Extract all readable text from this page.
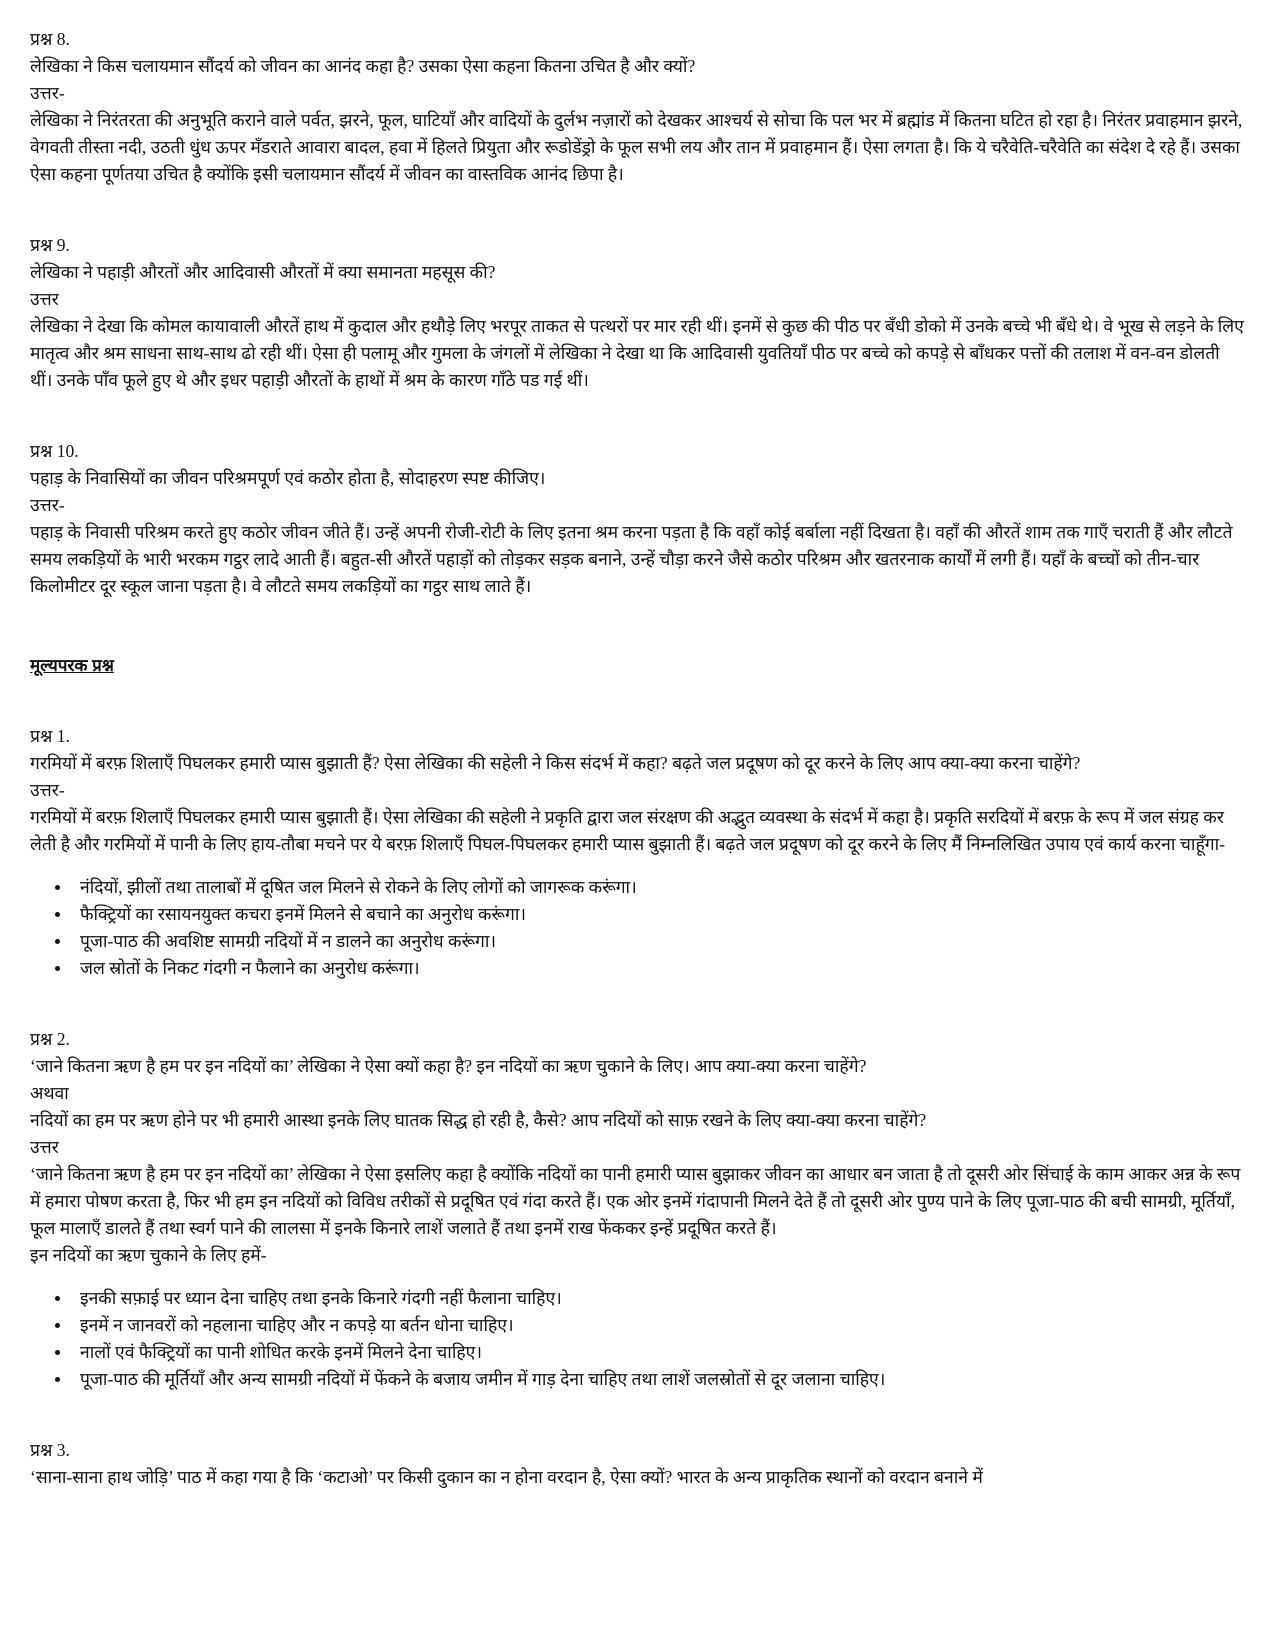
प्रश्न 8.
लेखिका ने किस चलायमान सौंदर्य को जीवन का आनंद कहा है? उसका ऐसा कहना कितना उचित है और क्यों?
उत्तर-
लेखिका ने निरंतरता की अनुभूति कराने वाले पर्वत, झरने, फूल, घाटियाँ और वादियों के दुर्लभ नज़ारों को देखकर आश्चर्य से सोचा कि पल भर में ब्रह्मांड में कितना घटित हो रहा है। निरंतर प्रवाहमान झरने, वेगवती तीस्ता नदी, उठती धुंध ऊपर मँडराते आवारा बादल, हवा में हिलते प्रियुता और रूडोडेंड्रो के फूल सभी लय और तान में प्रवाहमान हैं। ऐसा लगता है। कि ये चरैवेति-चरैवेति का संदेश दे रहे हैं। उसका ऐसा कहना पूर्णतया उचित है क्योंकि इसी चलायमान सौंदर्य में जीवन का वास्तविक आनंद छिपा है।
प्रश्न 9.
लेखिका ने पहाड़ी औरतों और आदिवासी औरतों में क्या समानता महसूस की?
उत्तर
लेखिका ने देखा कि कोमल कायावाली औरतें हाथ में कुदाल और हथौड़े लिए भरपूर ताकत से पत्थरों पर मार रही थीं। इनमें से कुछ की पीठ पर बँधी डोको में उनके बच्चे भी बँधे थे। वे भूख से लड़ने के लिए मातृत्व और श्रम साधना साथ-साथ ढो रही थीं। ऐसा ही पलामू और गुमला के जंगलों में लेखिका ने देखा था कि आदिवासी युवतियाँ पीठ पर बच्चे को कपड़े से बाँधकर पत्तों की तलाश में वन-वन डोलती थीं। उनके पाँव फूले हुए थे और इधर पहाड़ी औरतों के हाथों में श्रम के कारण गाँठे पड गई थीं।
प्रश्न 10.
पहाड़ के निवासियों का जीवन परिश्रमपूर्ण एवं कठोर होता है, सोदाहरण स्पष्ट कीजिए।
उत्तर-
पहाड़ के निवासी परिश्रम करते हुए कठोर जीवन जीते हैं। उन्हें अपनी रोजी-रोटी के लिए इतना श्रम करना पड़ता है कि वहाँ कोई बर्बाला नहीं दिखता है। वहाँ की औरतें शाम तक गाएँ चराती हैं और लौटते समय लकड़ियों के भारी भरकम गट्ठर लादे आती हैं। बहुत-सी औरतें पहाड़ों को तोड़कर सड़क बनाने, उन्हें चौड़ा करने जैसे कठोर परिश्रम और खतरनाक कार्यों में लगी हैं। यहाँ के बच्चों को तीन-चार किलोमीटर दूर स्कूल जाना पड़ता है। वे लौटते समय लकड़ियों का गट्ठर साथ लाते हैं।
मूल्यपरक प्रश्न
प्रश्न 1.
गरमियों में बरफ़ शिलाएँ पिघलकर हमारी प्यास बुझाती हैं? ऐसा लेखिका की सहेली ने किस संदर्भ में कहा? बढ़ते जल प्रदूषण को दूर करने के लिए आप क्या-क्या करना चाहेंगे?
उत्तर-
गरमियों में बरफ़ शिलाएँ पिघलकर हमारी प्यास बुझाती हैं। ऐसा लेखिका की सहेली ने प्रकृति द्वारा जल संरक्षण की अद्भुत व्यवस्था के संदर्भ में कहा है। प्रकृति सरदियों में बरफ़ के रूप में जल संग्रह कर लेती है और गरमियों में पानी के लिए हाय-तौबा मचने पर ये बरफ़ शिलाएँ पिघल-पिघलकर हमारी प्यास बुझाती हैं। बढ़ते जल प्रदूषण को दूर करने के लिए मैं निम्नलिखित उपाय एवं कार्य करना चाहूँगा-
नंदियों, झीलों तथा तालाबों में दूषित जल मिलने से रोकने के लिए लोगों को जागरूक करूंगा।
फैक्ट्रियों का रसायनयुक्त कचरा इनमें मिलने से बचाने का अनुरोध करूंगा।
पूजा-पाठ की अवशिष्ट सामग्री नदियों में न डालने का अनुरोध करूंगा।
जल स्रोतों के निकट गंदगी न फैलाने का अनुरोध करूंगा।
प्रश्न 2.
‘जाने कितना ऋण है हम पर इन नदियों का’ लेखिका ने ऐसा क्यों कहा है? इन नदियों का ऋण चुकाने के लिए। आप क्या-क्या करना चाहेंगे?
अथवा
नदियों का हम पर ऋण होने पर भी हमारी आस्था इनके लिए घातक सिद्ध हो रही है, कैसे? आप नदियों को साफ़ रखने के लिए क्या-क्या करना चाहेंगे?
उत्तर
‘जाने कितना ऋण है हम पर इन नदियों का’ लेखिका ने ऐसा इसलिए कहा है क्योंकि नदियों का पानी हमारी प्यास बुझाकर जीवन का आधार बन जाता है तो दूसरी ओर सिंचाई के काम आकर अन्न के रूप में हमारा पोषण करता है, फिर भी हम इन नदियों को विविध तरीकों से प्रदूषित एवं गंदा करते हैं। एक ओर इनमें गंदापानी मिलने देते हैं तो दूसरी ओर पुण्य पाने के लिए पूजा-पाठ की बची सामग्री, मूर्तियाँ, फूल मालाएँ डालते हैं तथा स्वर्ग पाने की लालसा में इनके किनारे लाशें जलाते हैं तथा इनमें राख फेंककर इन्हें प्रदूषित करते हैं।
इन नदियों का ऋण चुकाने के लिए हमें-
इनकी सफ़ाई पर ध्यान देना चाहिए तथा इनके किनारे गंदगी नहीं फैलाना चाहिए।
इनमें न जानवरों को नहलाना चाहिए और न कपड़े या बर्तन धोना चाहिए।
नालों एवं फैक्ट्रियों का पानी शोधित करके इनमें मिलने देना चाहिए।
पूजा-पाठ की मूर्तियाँ और अन्य सामग्री नदियों में फेंकने के बजाय जमीन में गाड़ देना चाहिए तथा लाशें जलस्रोतों से दूर जलाना चाहिए।
प्रश्न 3.
‘साना-साना हाथ जोड़ि’ पाठ में कहा गया है कि ‘कटाओ’ पर किसी दुकान का न होना वरदान है, ऐसा क्यों? भारत के अन्य प्राकृतिक स्थानों को वरदान बनाने में
